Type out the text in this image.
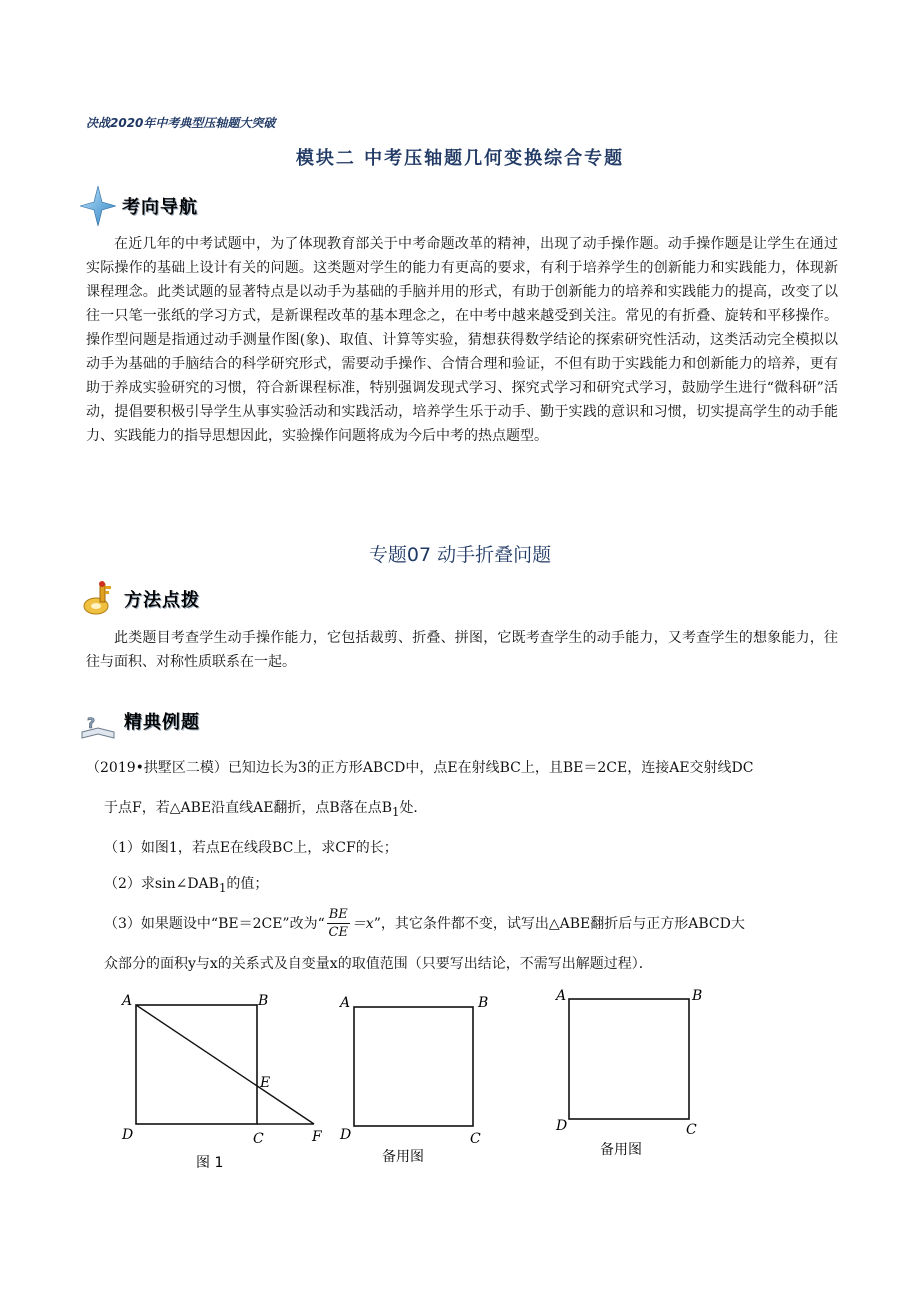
决战2020年中考典型压轴题大突破
模块二 中考压轴题几何变换综合专题
考向导航
在近几年的中考试题中，为了体现教育部关于中考命题改革的精神，出现了动手操作题。动手操作题是让学生在通过实际操作的基础上设计有关的问题。这类题对学生的能力有更高的要求，有利于培养学生的创新能力和实践能力，体现新课程理念。此类试题的显著特点是以动手为基础的手脑并用的形式，有助于创新能力的培养和实践能力的提高，改变了以往一只笔一张纸的学习方式，是新课程改革的基本理念之，在中考中越来越受到关注。常见的有折叠、旋转和平移操作。操作型问题是指通过动手测量作图(象)、取值、计算等实验，猜想获得数学结论的探索研究性活动，这类活动完全模拟以动手为基础的手脑结合的科学研究形式，需要动手操作、合情合理和验证，不但有助于实践能力和创新能力的培养，更有助于养成实验研究的习惯，符合新课程标准，特别强调发现式学习、探究式学习和研究式学习，鼓励学生进行“微科研”活动，提倡要积极引导学生从事实验活动和实践活动，培养学生乐于动手、勤于实践的意识和习惯，切实提高学生的动手能力、实践能力的指导思想因此，实验操作问题将成为今后中考的热点题型。
专题07 动手折叠问题
方法点拨
此类题目考查学生动手操作能力，它包括裁剪、折叠、拼图，它既考查学生的动手能力，又考查学生的想象能力，往往与面积、对称性质联系在一起。
? 精典例题
（2019•拱墅区二模）已知边长为3的正方形ABCD中，点E在射线BC上，且BE＝2CE，连接AE交射线DC
于点F，若△ABE沿直线AE翻折，点B落在点$B_1$处．
（1）如图1，若点E在线段BC上，求CF的长；
（2）求$\sin\angle DAB_1$的值；
（3）如果题设中“BE＝2CE”改为“ $\frac{BE}{CE} =x$ ”，其它条件都不变，试写出△ABE翻折后与正方形ABCD大
众部分的面积y与x的关系式及自变量x的取值范围（只要写出结论，不需写出解题过程）．
A	B
D	C
E
F
图 1
A	B
D	C
备用图
A	B
D	C
备用图
